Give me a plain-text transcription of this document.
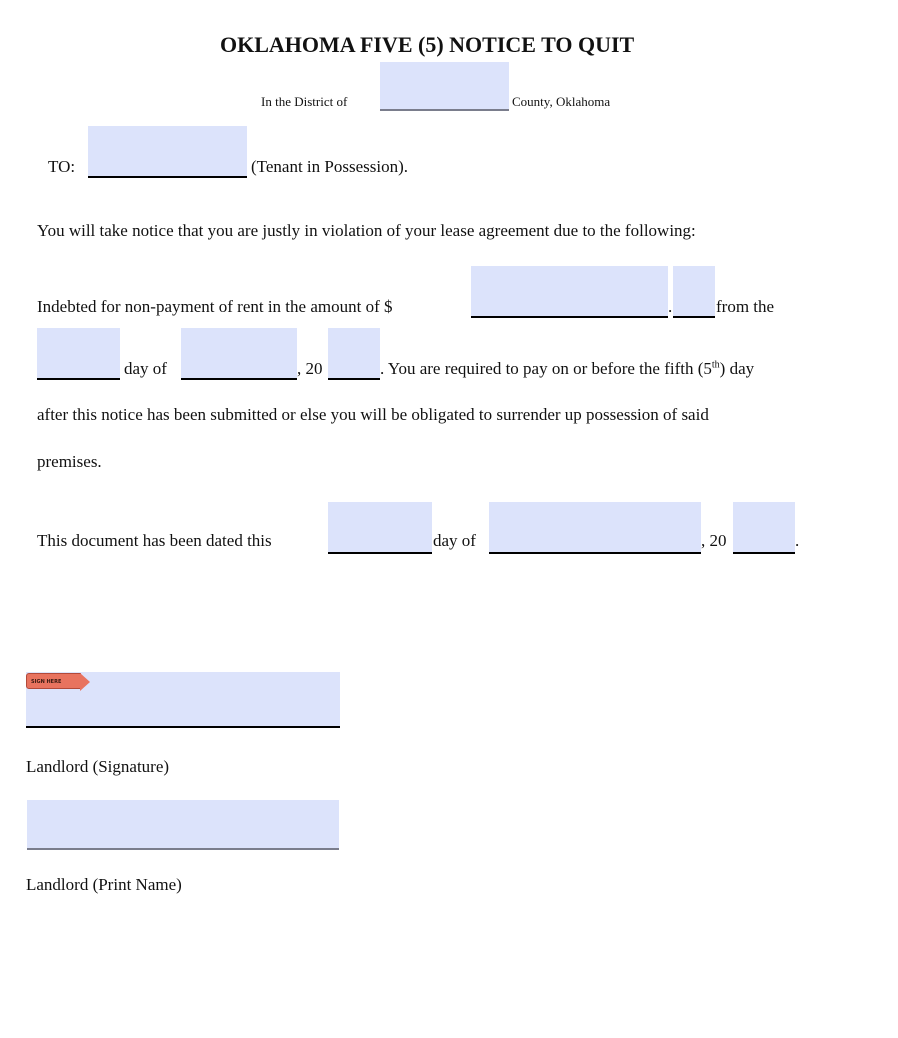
OKLAHOMA FIVE (5) NOTICE TO QUIT
In the District of	County, Oklahoma
TO:	(Tenant in Possession).
You will take notice that you are justly in violation of your lease agreement due to the following:
Indebted for non-payment of rent in the amount of $	.	from the
day of	, 20	. You are required to pay on or before the fifth (5th) day
after this notice has been submitted or else you will be obligated to surrender up possession of said
premises.
This document has been dated this	day of	, 20	.
SIGN HERE
Landlord (Signature)
Landlord (Print Name)
